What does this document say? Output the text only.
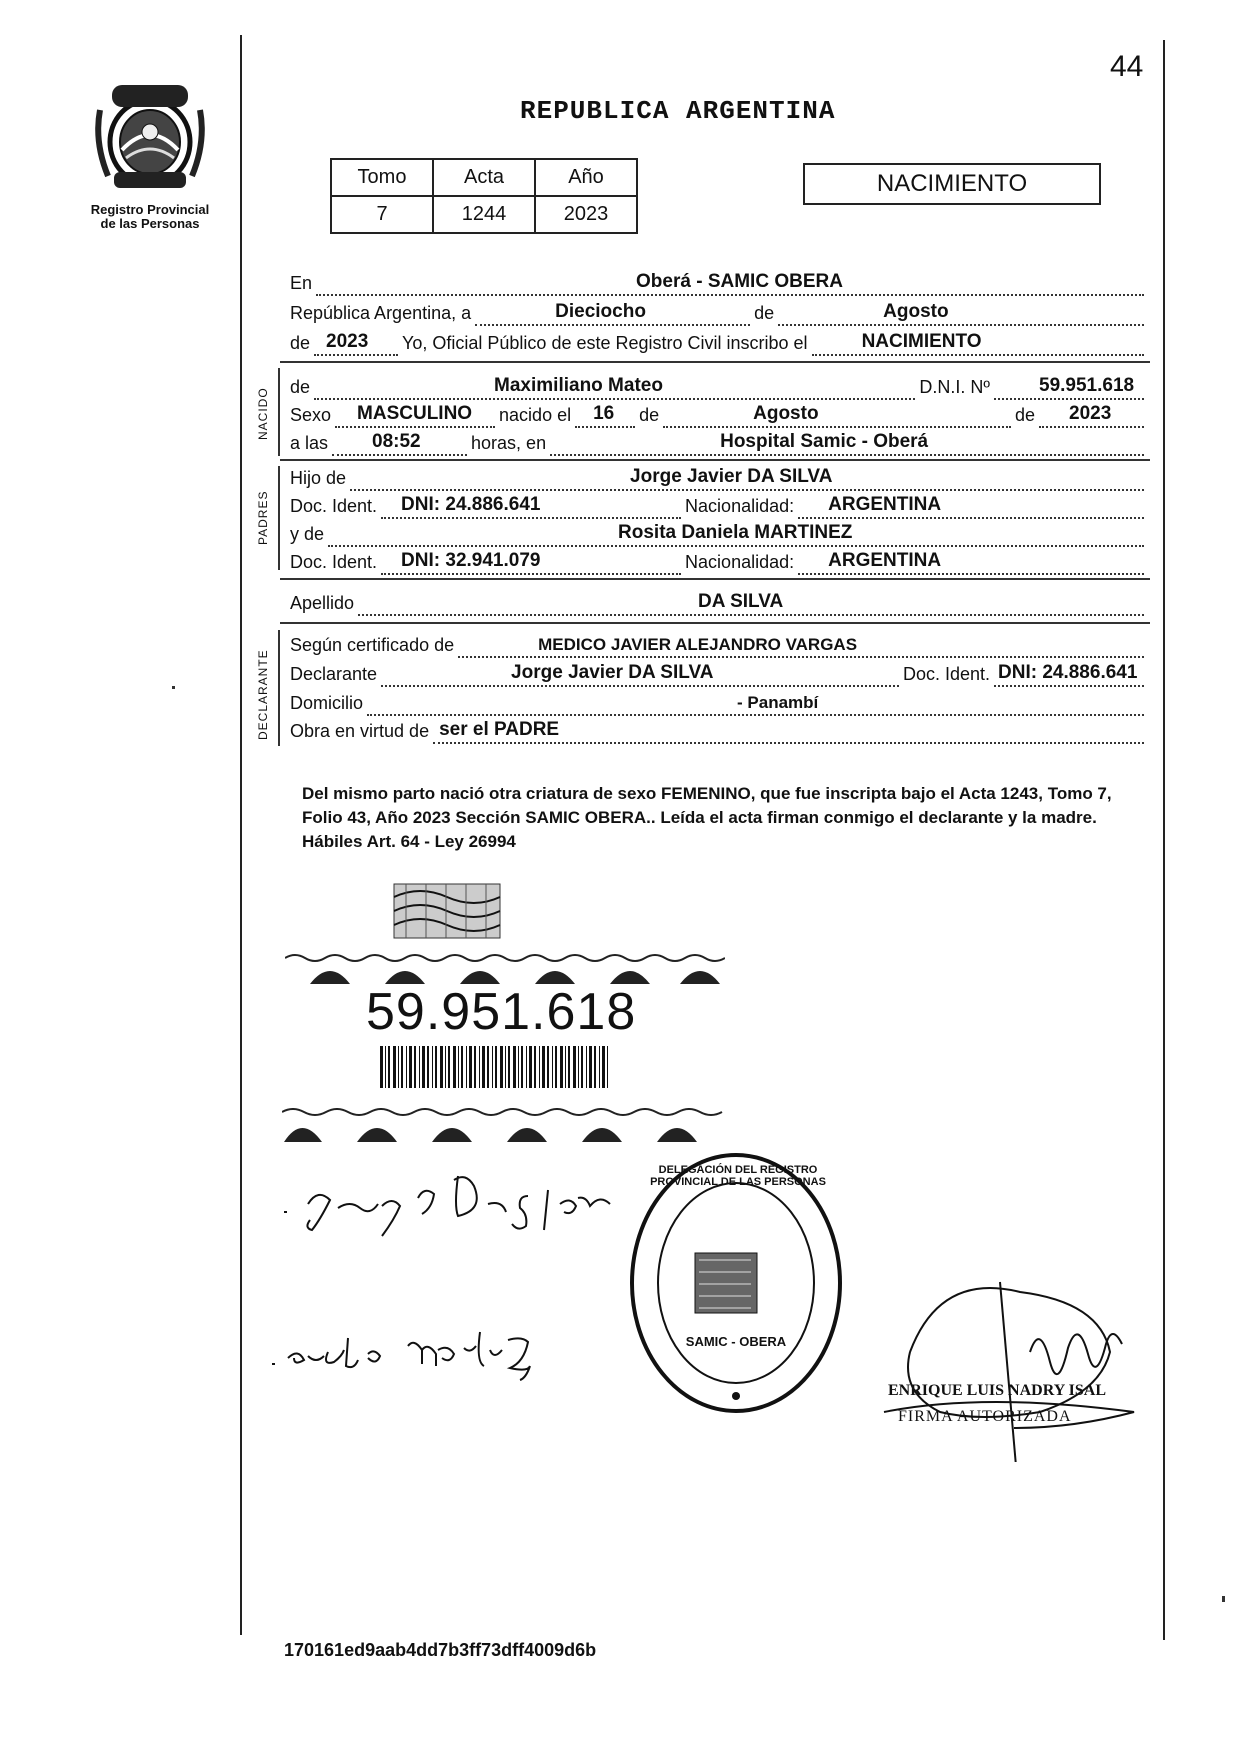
44
Registro Provincial
de las Personas
REPUBLICA ARGENTINA
Tomo	Acta	Año
7	1244	2023
NACIMIENTO
En	Oberá - SAMIC OBERA
República Argentina, a	Dieciocho	de	Agosto
de 2023 Yo, Oficial Público de este Registro Civil inscribo el	NACIMIENTO
NACIDO
de	Maximiliano Mateo	D.N.I. Nº	59.951.618
Sexo MASCULINO nacido el 16 de	Agosto	de 2023
a las 08:52	horas, en	Hospital Samic - Oberá
PADRES
Hijo de	Jorge Javier DA SILVA
Doc. Ident. DNI: 24.886.641	Nacionalidad: ARGENTINA
y de	Rosita Daniela MARTINEZ
Doc. Ident. DNI: 32.941.079	Nacionalidad: ARGENTINA
Apellido	DA SILVA
DECLARANTE
Según certificado de	MEDICO JAVIER ALEJANDRO VARGAS
Declarante	Jorge Javier DA SILVA	Doc. Ident. DNI: 24.886.641
Domicilio	- Panambí
Obra en virtud de ser el PADRE
Del mismo parto nació otra criatura de sexo FEMENINO, que fue inscripta bajo el Acta 1243, Tomo 7, Folio 43, Año 2023 Sección SAMIC OBERA.. Leída el acta firman conmigo el declarante y la madre. Hábiles Art. 64 - Ley 26994
59.951.618
DELEGACIÓN DEL REGISTRO PROVINCIAL DE LAS PERSONAS
SAMIC - OBERA
ENRIQUE LUIS NADRY ISAL
FIRMA AUTORIZADA
170161ed9aab4dd7b3ff73dff4009d6b
